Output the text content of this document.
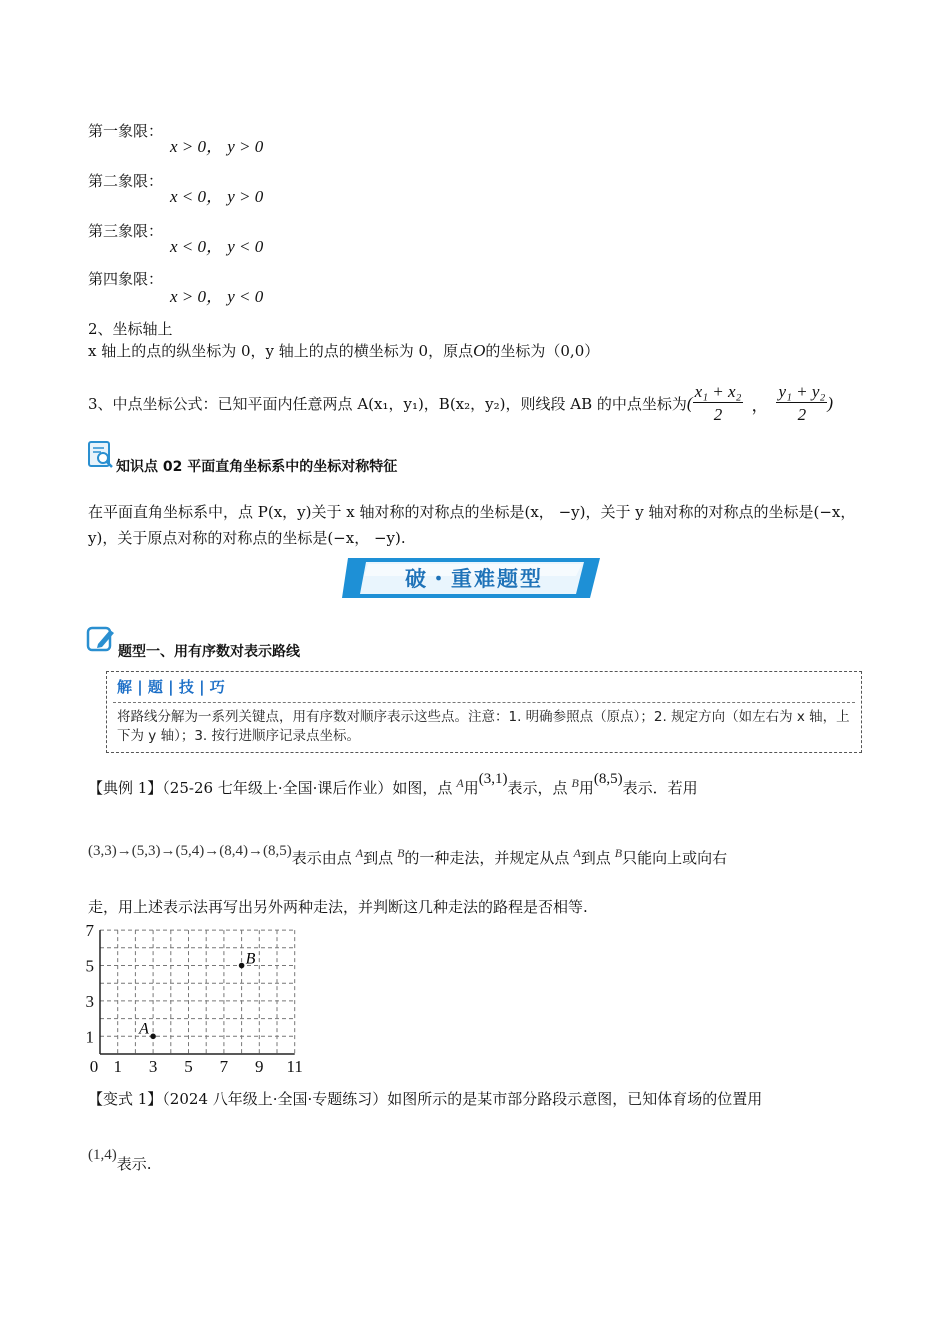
第一象限：
x > 0， y > 0
第二象限：
x < 0， y > 0
第三象限：
x < 0， y < 0
第四象限：
x > 0， y < 0
2、坐标轴上
x 轴上的点的纵坐标为 0，y 轴上的点的横坐标为 0，原点O的坐标为（0,0）
3、中点坐标公式：已知平面内任意两点 A(x₁，y₁)，B(x₂，y₂)，则线段 AB 的中点坐标为( $\frac{\text{x₁ + x₂}}{2}$ ， $\frac{\text{y₁ + y₂}}{2}$ )
知识点 02 平面直角坐标系中的坐标对称特征
在平面直角坐标系中，点 P(x，y)关于 x 轴对称的对称点的坐标是(x， −y)，关于 y 轴对称的对称点的坐标是(−x，y)，关于原点对称的对称点的坐标是(−x， −y).
破・重难题型
题型一、用有序数对表示路线
解 | 题 | 技 | 巧
将路线分解为一系列关键点，用有序数对顺序表示这些点。注意：1. 明确参照点（原点）；2. 规定方向（如左右为 x 轴，上下为 y 轴）；3. 按行进顺序记录点坐标。
【典例 1】（25-26 七年级上·全国·课后作业）如图，点 $^A$用(3,1)表示，点 $^B$用(8,5)表示．若用
(3,3)→(5,3)→(5,4)→(8,4)→(8,5)表示由点 $^A$到点 $^B$的一种走法，并规定从点 $^A$到点 $^B$只能向上或向右
走，用上述表示法再写出另外两种走法，并判断这几种走法的路程是否相等.
0 1 3 5 7 9 11
7
5
3
1	A
B
【变式 1】（2024 八年级上·全国·专题练习）如图所示的是某市部分路段示意图，已知体育场的位置用
(1,4)表示.
